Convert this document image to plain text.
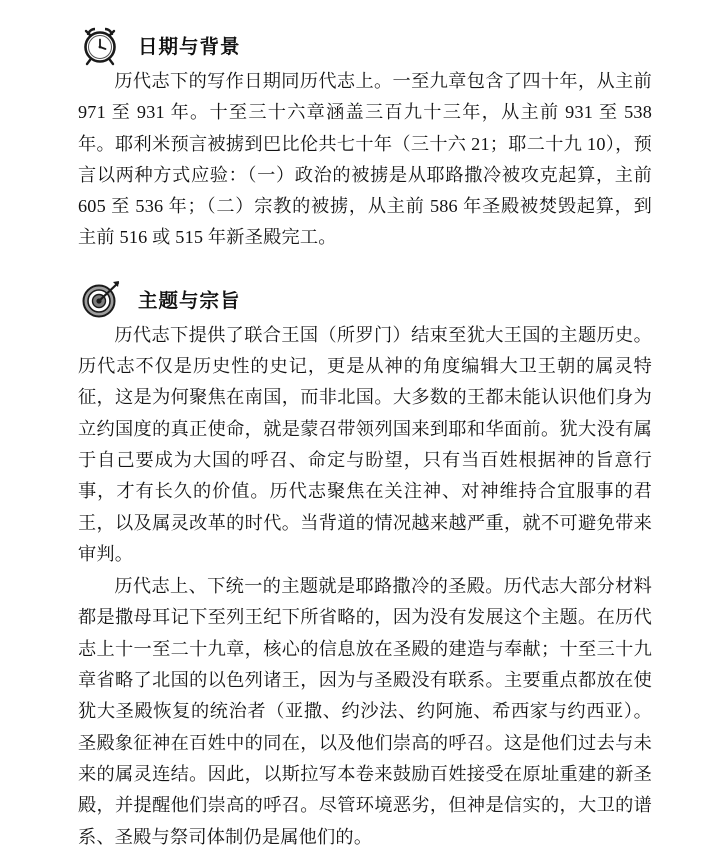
日期与背景

历代志下的写作日期同历代志上。一至九章包含了四十年，从主前 971 至 931 年。十至三十六章涵盖三百九十三年，从主前 931 至 538 年。耶利米预言被掳到巴比伦共七十年（三十六 21；耶二十九 10），预言以两种方式应验：（一）政治的被掳是从耶路撒冷被攻克起算，主前 605 至 536 年；（二）宗教的被掳，从主前 586 年圣殿被焚毁起算，到主前 516 或 515 年新圣殿完工。

主题与宗旨

历代志下提供了联合王国（所罗门）结束至犹大王国的主题历史。历代志不仅是历史性的史记，更是从神的角度编辑大卫王朝的属灵特征，这是为何聚焦在南国，而非北国。大多数的王都未能认识他们身为立约国度的真正使命，就是蒙召带领列国来到耶和华面前。犹大没有属于自己要成为大国的呼召、命定与盼望，只有当百姓根据神的旨意行事，才有长久的价值。历代志聚焦在关注神、对神维持合宜服事的君王，以及属灵改革的时代。当背道的情况越来越严重，就不可避免带来审判。

历代志上、下统一的主题就是耶路撒冷的圣殿。历代志大部分材料都是撒母耳记下至列王纪下所省略的，因为没有发展这个主题。在历代志上十一至二十九章，核心的信息放在圣殿的建造与奉献；十至三十九章省略了北国的以色列诸王，因为与圣殿没有联系。主要重点都放在使犹大圣殿恢复的统治者（亚撒、约沙法、约阿施、希西家与约西亚）。圣殿象征神在百姓中的同在，以及他们崇高的呼召。这是他们过去与未来的属灵连结。因此，以斯拉写本卷来鼓励百姓接受在原址重建的新圣殿，并提醒他们崇高的呼召。尽管环境恶劣，但神是信实的，大卫的谱系、圣殿与祭司体制仍是属他们的。
